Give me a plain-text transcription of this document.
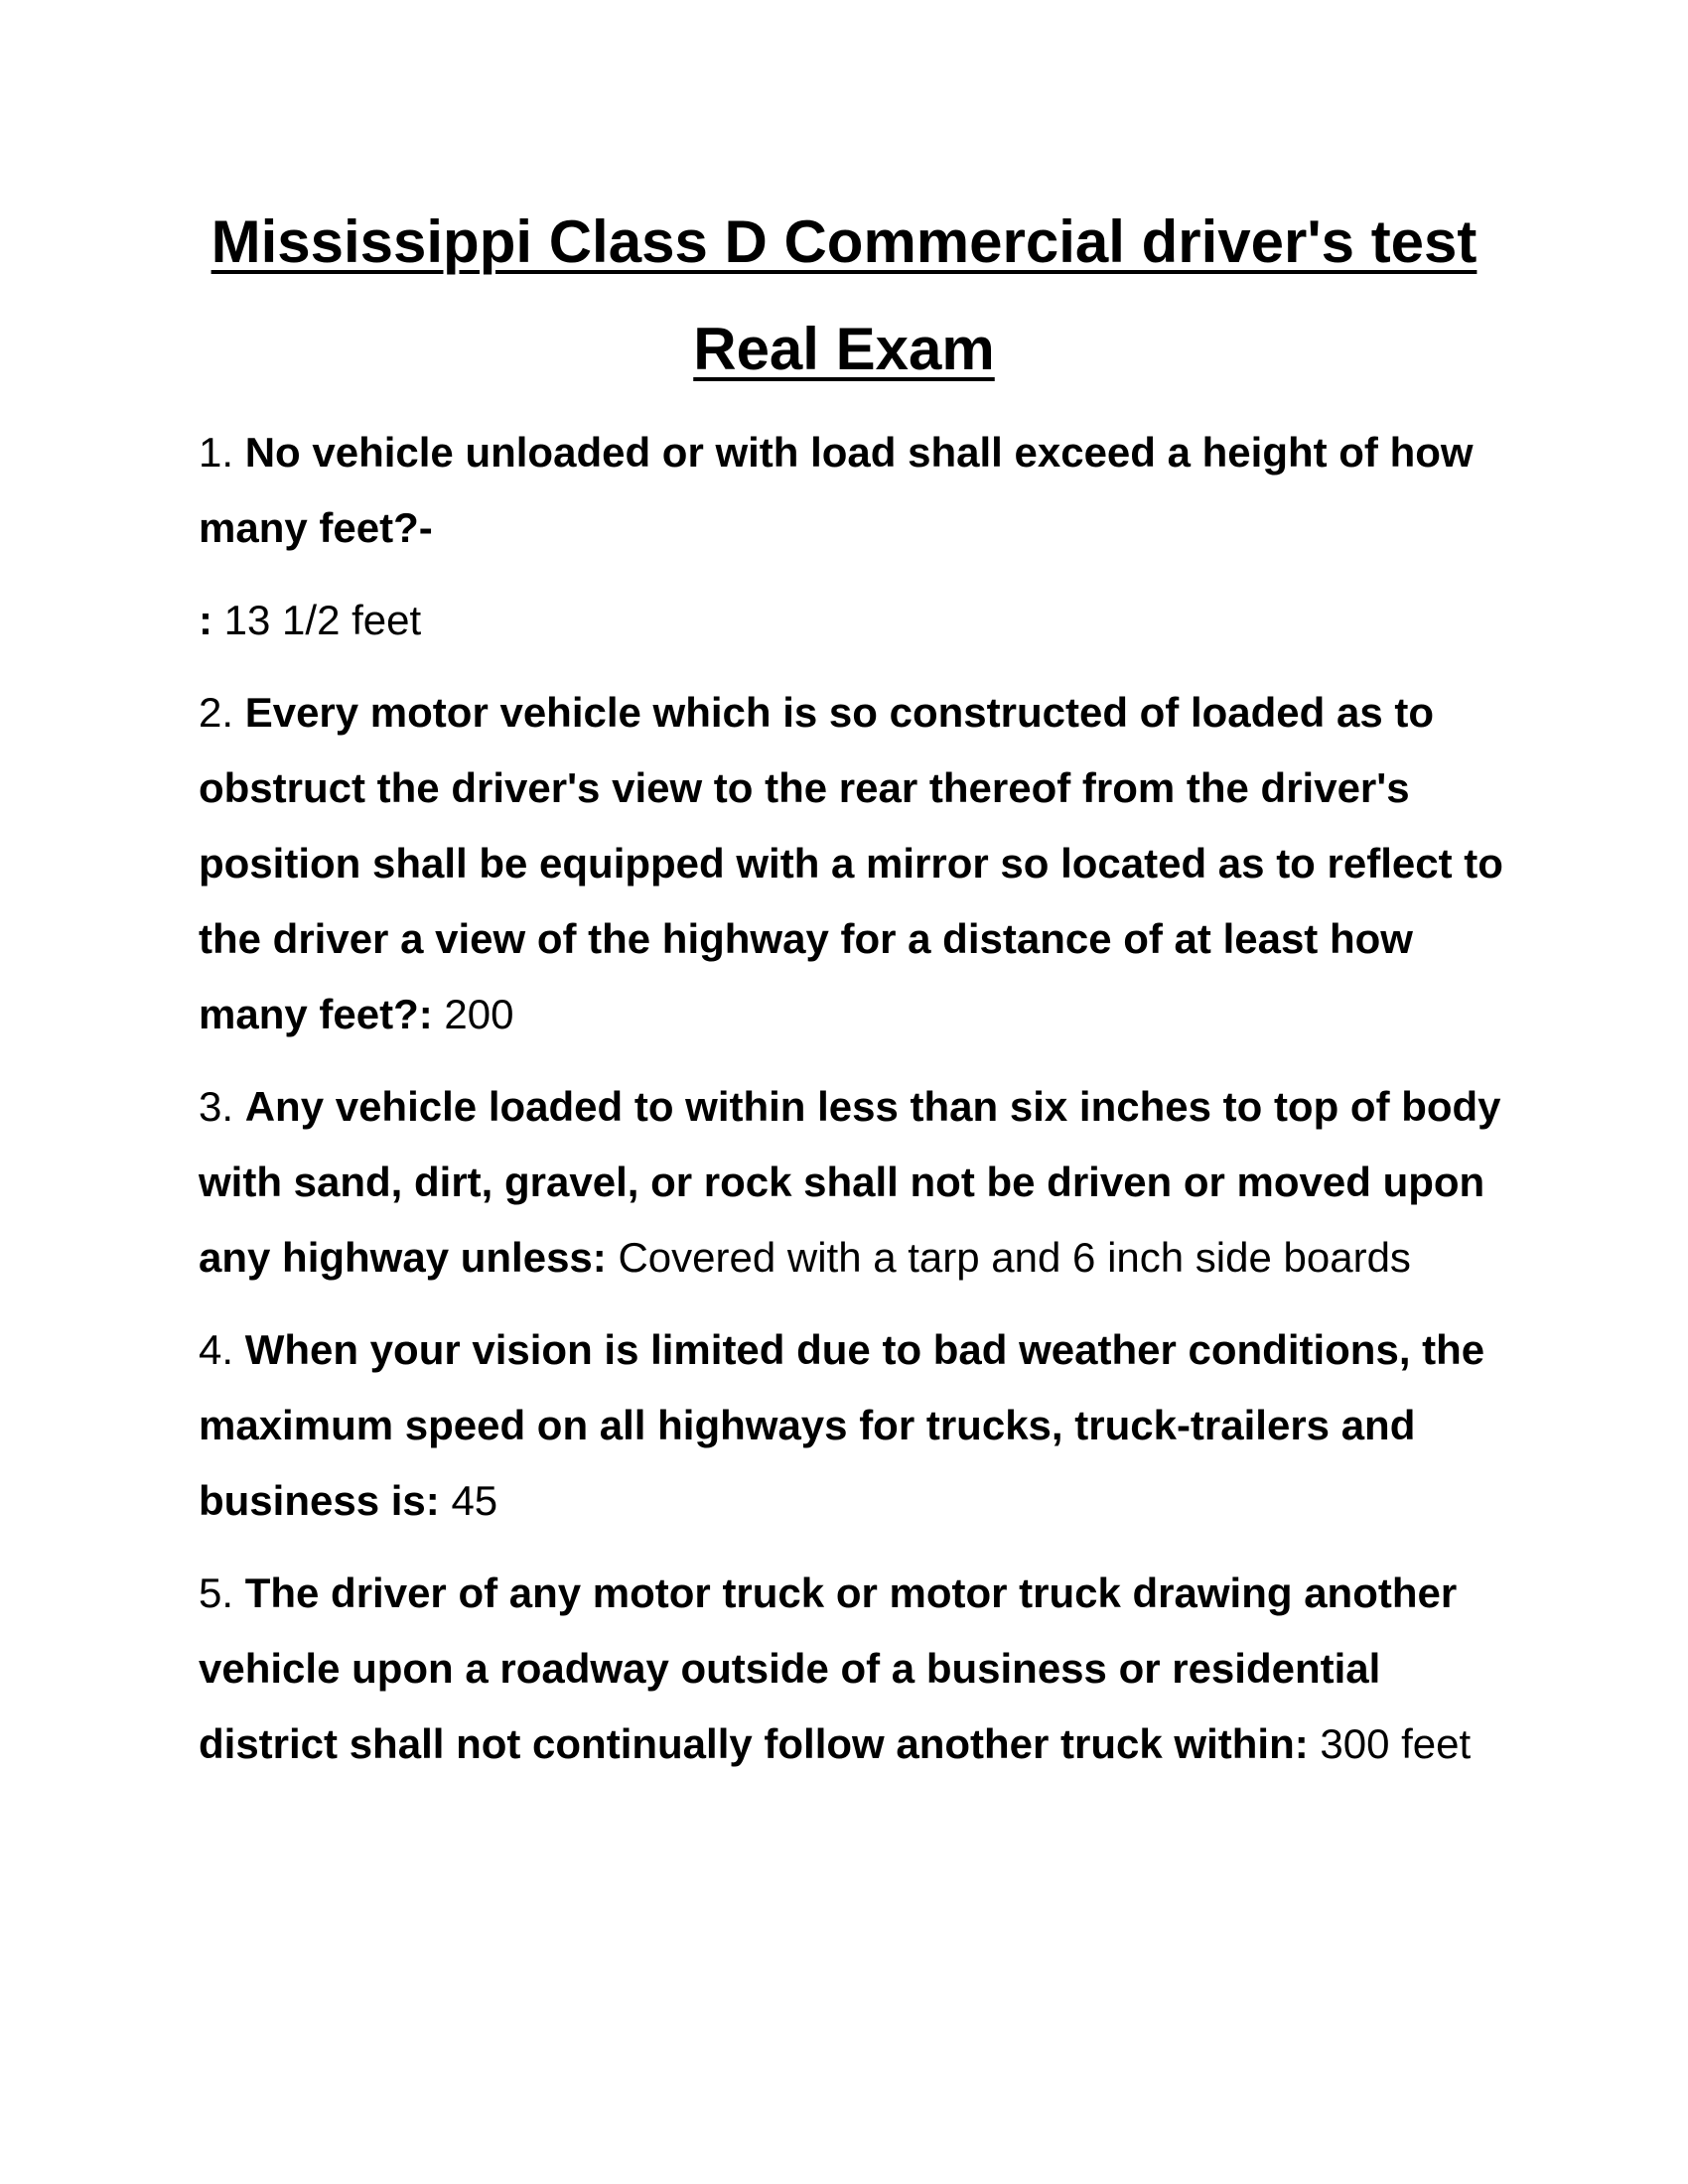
Mississippi Class D Commercial driver's test
Real Exam
1. No vehicle unloaded or with load shall exceed a height of how many feet?-
: 13 1/2 feet
2. Every motor vehicle which is so constructed of loaded as to obstruct the driver's view to the rear thereof from the driver's position shall be equipped with a mirror so located as to reflect to the driver a view of the highway for a distance of at least how many feet?: 200
3. Any vehicle loaded to within less than six inches to top of body with sand, dirt, gravel, or rock shall not be driven or moved upon any highway unless: Covered with a tarp and 6 inch side boards
4. When your vision is limited due to bad weather conditions, the maximum speed on all highways for trucks, truck-trailers and business is: 45
5. The driver of any motor truck or motor truck drawing another vehicle upon a roadway outside of a business or residential district shall not continually follow another truck within: 300 feet
